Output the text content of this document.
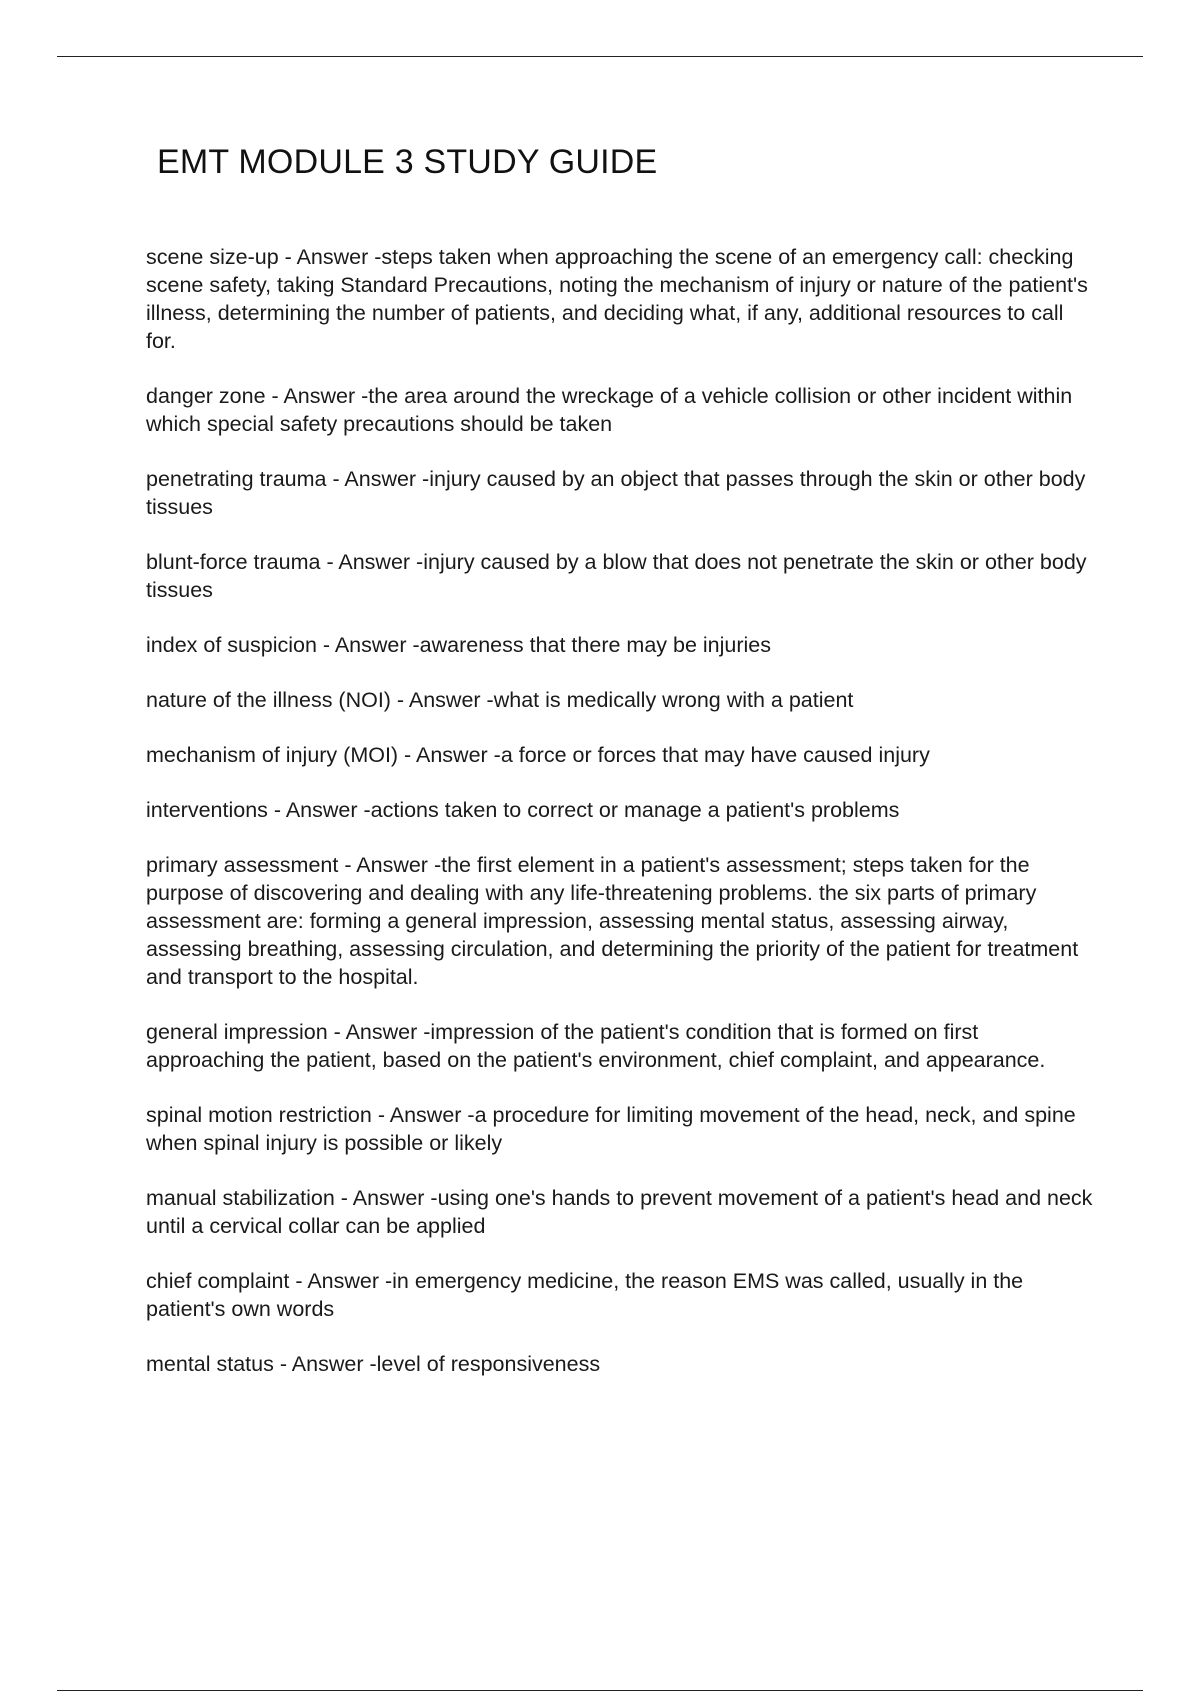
EMT MODULE 3 STUDY GUIDE

scene size-up - Answer -steps taken when approaching the scene of an emergency call: checking scene safety, taking Standard Precautions, noting the mechanism of injury or nature of the patient's illness, determining the number of patients, and deciding what, if any, additional resources to call for.

danger zone - Answer -the area around the wreckage of a vehicle collision or other incident within which special safety precautions should be taken

penetrating trauma - Answer -injury caused by an object that passes through the skin or other body tissues

blunt-force trauma - Answer -injury caused by a blow that does not penetrate the skin or other body tissues

index of suspicion - Answer -awareness that there may be injuries

nature of the illness (NOI) - Answer -what is medically wrong with a patient

mechanism of injury (MOI) - Answer -a force or forces that may have caused injury

interventions - Answer -actions taken to correct or manage a patient's problems

primary assessment - Answer -the first element in a patient's assessment; steps taken for the purpose of discovering and dealing with any life-threatening problems. the six parts of primary assessment are: forming a general impression, assessing mental status, assessing airway, assessing breathing, assessing circulation, and determining the priority of the patient for treatment and transport to the hospital.

general impression - Answer -impression of the patient's condition that is formed on first approaching the patient, based on the patient's environment, chief complaint, and appearance.

spinal motion restriction - Answer -a procedure for limiting movement of the head, neck, and spine when spinal injury is possible or likely

manual stabilization - Answer -using one's hands to prevent movement of a patient's head and neck until a cervical collar can be applied

chief complaint - Answer -in emergency medicine, the reason EMS was called, usually in the patient's own words

mental status - Answer -level of responsiveness
